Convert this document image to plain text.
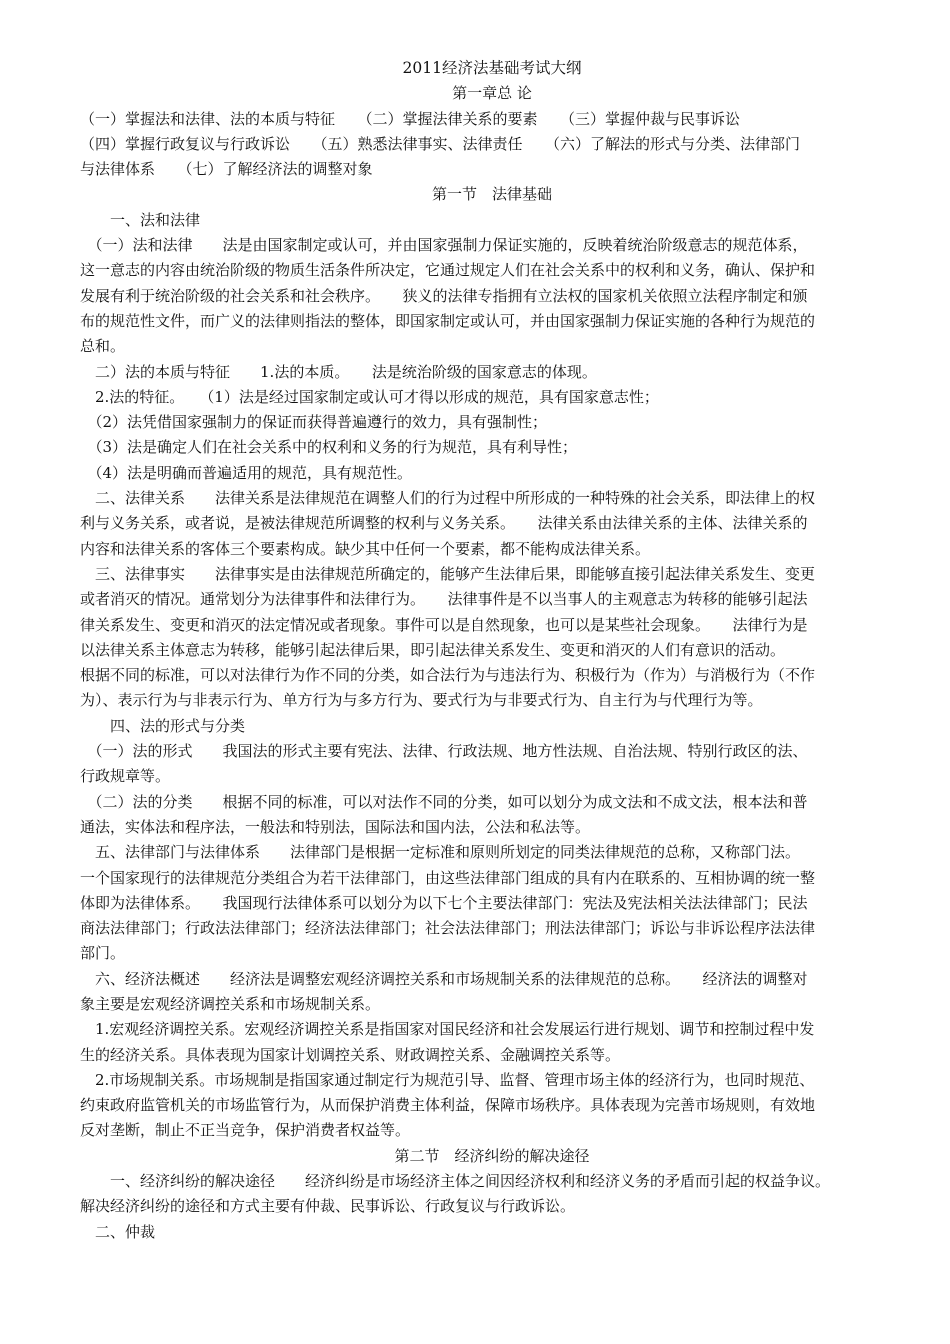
2011经济法基础考试大纲
第一章总 论
（一）掌握法和法律、法的本质与特征　　（二）掌握法律关系的要素　　（三）掌握仲裁与民事诉讼
（四）掌握行政复议与行政诉讼　　（五）熟悉法律事实、法律责任　　（六）了解法的形式与分类、法律部门
与法律体系　　（七）了解经济法的调整对象
第一节　法律基础
　　一、法和法律
　（一）法和法律　　法是由国家制定或认可，并由国家强制力保证实施的，反映着统治阶级意志的规范体系，
这一意志的内容由统治阶级的物质生活条件所决定，它通过规定人们在社会关系中的权利和义务，确认、保护和
发展有利于统治阶级的社会关系和社会秩序。　　狭义的法律专指拥有立法权的国家机关依照立法程序制定和颁
布的规范性文件，而广义的法律则指法的整体，即国家制定或认可，并由国家强制力保证实施的各种行为规范的
总和。
　二）法的本质与特征　　1.法的本质。　　法是统治阶级的国家意志的体现。
　2.法的特征。　　（1）法是经过国家制定或认可才得以形成的规范，具有国家意志性；
　（2）法凭借国家强制力的保证而获得普遍遵行的效力，具有强制性；
　（3）法是确定人们在社会关系中的权利和义务的行为规范，具有利导性；
　（4）法是明确而普遍适用的规范，具有规范性。
　二、法律关系　　法律关系是法律规范在调整人们的行为过程中所形成的一种特殊的社会关系，即法律上的权
利与义务关系，或者说，是被法律规范所调整的权利与义务关系。　　法律关系由法律关系的主体、法律关系的
内容和法律关系的客体三个要素构成。缺少其中任何一个要素，都不能构成法律关系。
　三、法律事实　　法律事实是由法律规范所确定的，能够产生法律后果，即能够直接引起法律关系发生、变更
或者消灭的情况。通常划分为法律事件和法律行为。　　法律事件是不以当事人的主观意志为转移的能够引起法
律关系发生、变更和消灭的法定情况或者现象。事件可以是自然现象，也可以是某些社会现象。　　法律行为是
以法律关系主体意志为转移，能够引起法律后果，即引起法律关系发生、变更和消灭的人们有意识的活动。
根据不同的标准，可以对法律行为作不同的分类，如合法行为与违法行为、积极行为（作为）与消极行为（不作
为）、表示行为与非表示行为、单方行为与多方行为、要式行为与非要式行为、自主行为与代理行为等。
　　四、法的形式与分类
　（一）法的形式　　我国法的形式主要有宪法、法律、行政法规、地方性法规、自治法规、特别行政区的法、
行政规章等。
　（二）法的分类　　根据不同的标准，可以对法作不同的分类，如可以划分为成文法和不成文法，根本法和普
通法，实体法和程序法，一般法和特别法，国际法和国内法，公法和私法等。
　五、法律部门与法律体系　　法律部门是根据一定标准和原则所划定的同类法律规范的总称，又称部门法。
一个国家现行的法律规范分类组合为若干法律部门，由这些法律部门组成的具有内在联系的、互相协调的统一整
体即为法律体系。　　我国现行法律体系可以划分为以下七个主要法律部门：宪法及宪法相关法法律部门；民法
商法法律部门；行政法法律部门；经济法法律部门；社会法法律部门；刑法法律部门；诉讼与非诉讼程序法法律
部门。
　六、经济法概述　　经济法是调整宏观经济调控关系和市场规制关系的法律规范的总称。　　经济法的调整对
象主要是宏观经济调控关系和市场规制关系。
　1.宏观经济调控关系。宏观经济调控关系是指国家对国民经济和社会发展运行进行规划、调节和控制过程中发
生的经济关系。具体表现为国家计划调控关系、财政调控关系、金融调控关系等。
　2.市场规制关系。市场规制是指国家通过制定行为规范引导、监督、管理市场主体的经济行为，也同时规范、
约束政府监管机关的市场监管行为，从而保护消费主体利益，保障市场秩序。具体表现为完善市场规则，有效地
反对垄断，制止不正当竞争，保护消费者权益等。
第二节　经济纠纷的解决途径
　　一、经济纠纷的解决途径　　经济纠纷是市场经济主体之间因经济权利和经济义务的矛盾而引起的权益争议。
解决经济纠纷的途径和方式主要有仲裁、民事诉讼、行政复议与行政诉讼。
　二、仲裁
